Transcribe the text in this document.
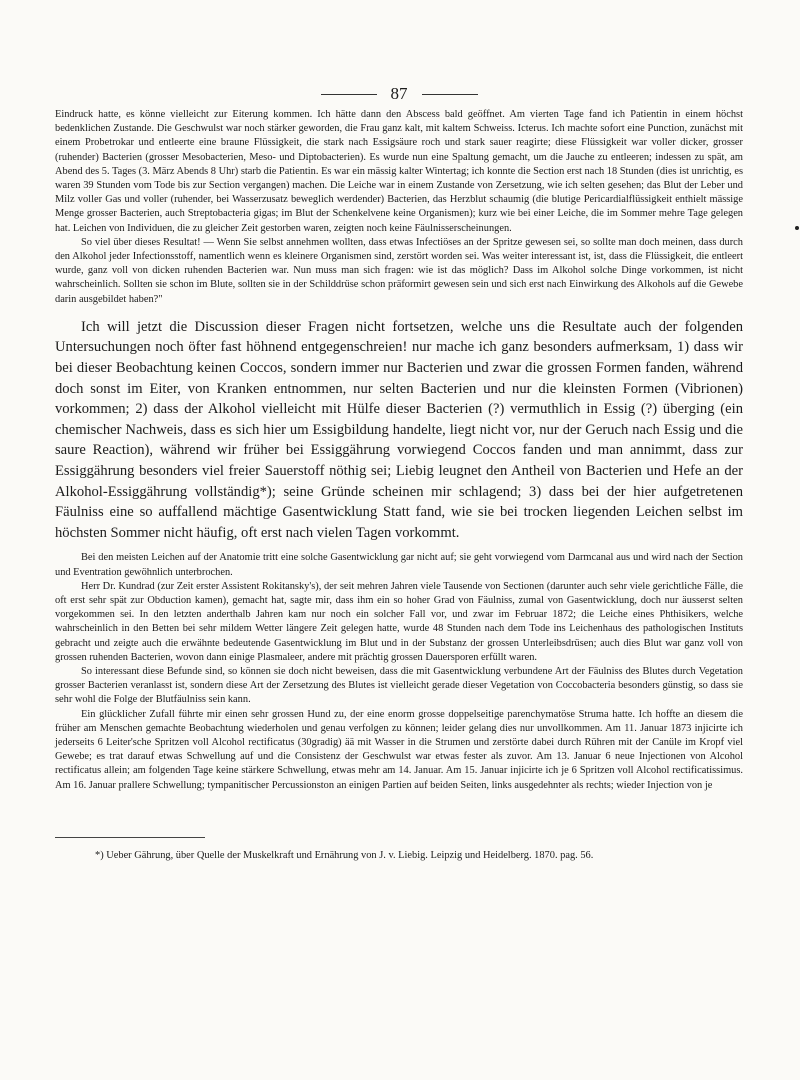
87

Eindruck hatte, es könne vielleicht zur Eiterung kommen. Ich hätte dann den Abscess bald geöffnet. Am vierten Tage fand ich Patientin in einem höchst bedenklichen Zustande. Die Geschwulst war noch stärker geworden, die Frau ganz kalt, mit kaltem Schweiss. Icterus. Ich machte sofort eine Punction, zunächst mit einem Probetrokar und entleerte eine braune Flüssigkeit, die stark nach Essigsäure roch und stark sauer reagirte; diese Flüssigkeit war voller dicker, grosser (ruhender) Bacterien (grosser Mesobacterien, Meso- und Diptobacterien). Es wurde nun eine Spaltung gemacht, um die Jauche zu entleeren; indessen zu spät, am Abend des 5. Tages (3. März Abends 8 Uhr) starb die Patientin. Es war ein mässig kalter Wintertag; ich konnte die Section erst nach 18 Stunden (dies ist unrichtig, es waren 39 Stunden vom Tode bis zur Section vergangen) machen. Die Leiche war in einem Zustande von Zersetzung, wie ich selten gesehen; das Blut der Leber und Milz voller Gas und voller (ruhender, bei Wasserzusatz beweglich werdender) Bacterien, das Herzblut schaumig (die blutige Pericardialflüssigkeit enthielt mässige Menge grosser Bacterien, auch Streptobacteria gigas; im Blut der Schenkelvene keine Organismen); kurz wie bei einer Leiche, die im Sommer mehre Tage gelegen hat. Leichen von Individuen, die zu gleicher Zeit gestorben waren, zeigten noch keine Fäulnisserscheinungen.

So viel über dieses Resultat! — Wenn Sie selbst annehmen wollten, dass etwas Infectiöses an der Spritze gewesen sei, so sollte man doch meinen, dass durch den Alkohol jeder Infectionsstoff, namentlich wenn es kleinere Organismen sind, zerstört worden sei. Was weiter interessant ist, ist, dass die Flüssigkeit, die entleert wurde, ganz voll von dicken ruhenden Bacterien war. Nun muss man sich fragen: wie ist das möglich? Dass im Alkohol solche Dinge vorkommen, ist nicht wahrscheinlich. Sollten sie schon im Blute, sollten sie in der Schilddrüse schon präformirt gewesen sein und sich erst nach Einwirkung des Alkohols auf die Gewebe darin ausgebildet haben?"

Ich will jetzt die Discussion dieser Fragen nicht fortsetzen, welche uns die Resultate auch der folgenden Untersuchungen noch öfter fast höhnend entgegenschreien! nur mache ich ganz besonders aufmerksam, 1) dass wir bei dieser Beobachtung keinen Coccos, sondern immer nur Bacterien und zwar die grossen Formen fanden, während doch sonst im Eiter, von Kranken entnommen, nur selten Bacterien und nur die kleinsten Formen (Vibrionen) vorkommen; 2) dass der Alkohol vielleicht mit Hülfe dieser Bacterien (?) vermuthlich in Essig (?) überging (ein chemischer Nachweis, dass es sich hier um Essigbildung handelte, liegt nicht vor, nur der Geruch nach Essig und die saure Reaction), während wir früher bei Essiggährung vorwiegend Coccos fanden und man annimmt, dass zur Essiggährung besonders viel freier Sauerstoff nöthig sei; Liebig leugnet den Antheil von Bacterien und Hefe an der Alkohol-Essiggährung vollständig*); seine Gründe scheinen mir schlagend; 3) dass bei der hier aufgetretenen Fäulniss eine so auffallend mächtige Gasentwicklung Statt fand, wie sie bei trocken liegenden Leichen selbst im höchsten Sommer nicht häufig, oft erst nach vielen Tagen vorkommt.

Bei den meisten Leichen auf der Anatomie tritt eine solche Gasentwicklung gar nicht auf; sie geht vorwiegend vom Darmcanal aus und wird nach der Section und Eventration gewöhnlich unterbrochen.

Herr Dr. Kundrad (zur Zeit erster Assistent Rokitansky's), der seit mehren Jahren viele Tausende von Sectionen (darunter auch sehr viele gerichtliche Fälle, die oft erst sehr spät zur Obduction kamen), gemacht hat, sagte mir, dass ihm ein so hoher Grad von Fäulniss, zumal von Gasentwicklung, doch nur äusserst selten vorgekommen sei. In den letzten anderthalb Jahren kam nur noch ein solcher Fall vor, und zwar im Februar 1872; die Leiche eines Phthisikers, welche wahrscheinlich in den Betten bei sehr mildem Wetter längere Zeit gelegen hatte, wurde 48 Stunden nach dem Tode ins Leichenhaus des pathologischen Instituts gebracht und zeigte auch die erwähnte bedeutende Gasentwicklung im Blut und in der Substanz der grossen Unterleibsdrüsen; auch dies Blut war ganz voll von grossen ruhenden Bacterien, wovon dann einige Plasmaleer, andere mit prächtig grossen Dauersporen erfüllt waren.

So interessant diese Befunde sind, so können sie doch nicht beweisen, dass die mit Gasentwicklung verbundene Art der Fäulniss des Blutes durch Vegetation grosser Bacterien veranlasst ist, sondern diese Art der Zersetzung des Blutes ist vielleicht gerade dieser Vegetation von Coccobacteria besonders günstig, so dass sie sehr wohl die Folge der Blutfäulniss sein kann.

Ein glücklicher Zufall führte mir einen sehr grossen Hund zu, der eine enorm grosse doppelseitige parenchymatöse Struma hatte. Ich hoffte an diesem die früher am Menschen gemachte Beobachtung wiederholen und genau verfolgen zu können; leider gelang dies nur unvollkommen. Am 11. Januar 1873 injicirte ich jederseits 6 Leiter'sche Spritzen voll Alcohol rectificatus (30gradig) ää mit Wasser in die Strumen und zerstörte dabei durch Rühren mit der Canüle im Kropf viel Gewebe; es trat darauf etwas Schwellung auf und die Consistenz der Geschwulst war etwas fester als zuvor. Am 13. Januar 6 neue Injectionen von Alcohol rectificatus allein; am folgenden Tage keine stärkere Schwellung, etwas mehr am 14. Januar. Am 15. Januar injicirte ich je 6 Spritzen voll Alcohol rectificatissimus. Am 16. Januar prallere Schwellung; tympanitischer Percussionston an einigen Partien auf beiden Seiten, links ausgedehnter als rechts; wieder Injection von je

*) Ueber Gährung, über Quelle der Muskelkraft und Ernährung von J. v. Liebig. Leipzig und Heidelberg. 1870. pag. 56.
